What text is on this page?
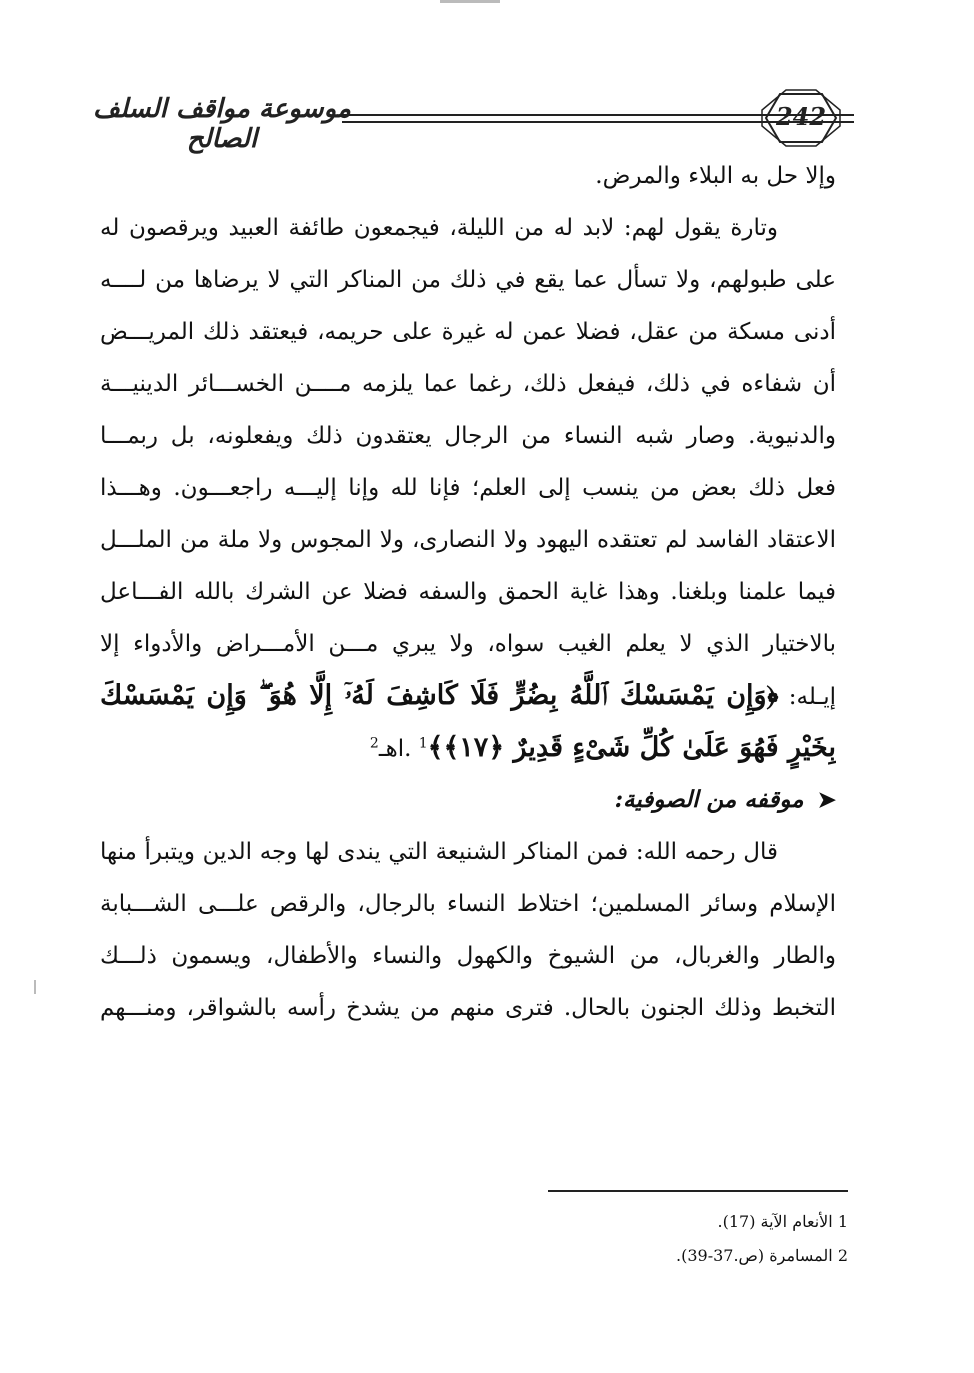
موسوعة مواقف السلف الصالح
242
وإلا حل به البلاء والمرض.
وتارة يقول لهم: لابد له من الليلة، فيجمعون طائفة العبيد ويرقصون له
على طبولهم، ولا تسأل عما يقع في ذلك من المناكر التي لا يرضاها من لــــه
أدنى مسكة من عقل، فضلا عمن له غيرة على حريمه، فيعتقد ذلك المريـــض
أن شفاءه في ذلك، فيفعل ذلك، رغما عما يلزمه مــــن الخســـائر الدينيـــة
والدنيوية. وصار شبه النساء من الرجال يعتقدون ذلك ويفعلونه، بل ربمـــا
فعل ذلك بعض من ينسب إلى العلم؛ فإنا لله وإنا إليـــه راجعـــون. وهـــذا
الاعتقاد الفاسد لم تعتقده اليهود ولا النصارى، ولا المجوس ولا ملة من الملـــل
فيما علمنا وبلغنا. وهذا غاية الحمق والسفه فضلا عن الشرك بالله الفـــاعل
بالاختيار الذي لا يعلم الغيب سواه، ولا يبري مـــن الأمـــراض والأدواء إلا
إيـله: ﴿وَإِن يَمْسَسْكَ ٱللَّهُ بِضُرٍّ فَلَا كَاشِفَ لَهُۥٓ إِلَّا هُوَ ۖ وَإِن يَمْسَسْكَ
بِخَيْرٍ فَهُوَ عَلَىٰ كُلِّ شَىْءٍ قَدِيرٌ ﴿١٧﴾﴾$^1$ .اهـ$^2$
➤موقفه من الصوفية:
قال رحمه الله: فمن المناكر الشنيعة التي يندى لها وجه الدين ويتبرأ منها
الإسلام وسائر المسلمين؛ اختلاط النساء بالرجال، والرقص علـــى الشـــبابة
والطار والغربال، من الشيوخ والكهول والنساء والأطفال، ويسمون ذلـــك
التخبط وذلك الجنون بالحال. فترى منهم من يشدخ رأسه بالشواقر، ومنـــهم
1 الأنعام الآية (17).
2 المسامرة (ص.37-39).
